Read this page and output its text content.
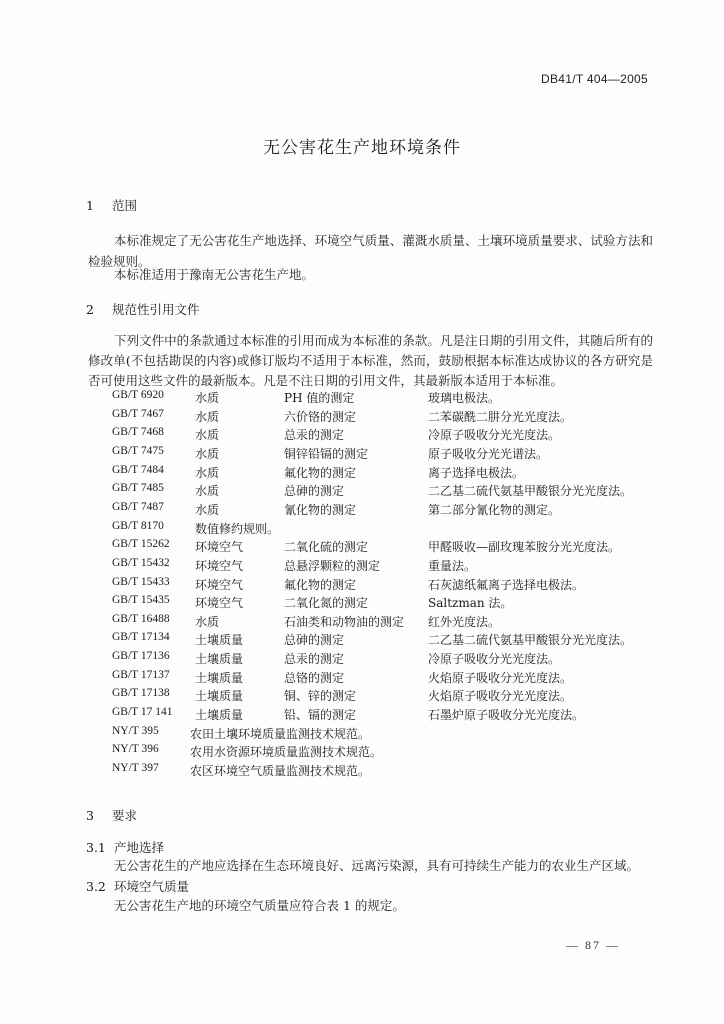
DB41/T 404—2005
无公害花生产地环境条件
1 范围
本标准规定了无公害花生产地选择、环境空气质量、灌溉水质量、土壤环境质量要求、试验方法和检验规则。
本标准适用于豫南无公害花生产地。
2 规范性引用文件
下列文件中的条款通过本标准的引用而成为本标准的条款。凡是注日期的引用文件，其随后所有的修改单(不包括勘误的内容)或修订版均不适用于本标准，然而，鼓励根据本标准达成协议的各方研究是否可使用这些文件的最新版本。凡是不注日期的引用文件，其最新版本适用于本标准。
GB/T 6920	水质	PH 值的测定	玻璃电极法。
GB/T 7467	水质	六价铬的测定	二苯碳酰二肼分光光度法。
GB/T 7468	水质	总汞的测定	冷原子吸收分光光度法。
GB/T 7475	水质	铜锌铅镉的测定	原子吸收分光光谱法。
GB/T 7484	水质	氟化物的测定	离子选择电极法。
GB/T 7485	水质	总砷的测定	二乙基二硫代氨基甲酸银分光光度法。
GB/T 7487	水质	氰化物的测定	第二部分氰化物的测定。
GB/T 8170	数值修约规则。
GB/T 15262 环境空气	二氧化硫的测定	甲醛吸收—副玫瑰苯胺分光光度法。
GB/T 15432 环境空气	总悬浮颗粒的测定	重量法。
GB/T 15433 环境空气	氟化物的测定	石灰滤纸氟离子选择电极法。
GB/T 15435 环境空气	二氧化氮的测定	Saltzman 法。
GB/T 16488 水质	石油类和动物油的测定 红外光度法。
GB/T 17134 土壤质量	总砷的测定	二乙基二硫代氨基甲酸银分光光度法。
GB/T 17136 土壤质量	总汞的测定	冷原子吸收分光光度法。
GB/T 17137 土壤质量	总铬的测定	火焰原子吸收分光光度法。
GB/T 17138 土壤质量	铜、锌的测定	火焰原子吸收分光光度法。
GB/T 17 141 土壤质量	铅、镉的测定	石墨炉原子吸收分光光度法。
NY/T 395	农田土壤环境质量监测技术规范。
NY/T 396	农用水资源环境质量监测技术规范。
NY/T 397	农区环境空气质量监测技术规范。
3 要求
3.1 产地选择
无公害花生的产地应选择在生态环境良好、远离污染源，具有可持续生产能力的农业生产区域。
3.2 环境空气质量
无公害花生产地的环境空气质量应符合表 1 的规定。
— 87 —
